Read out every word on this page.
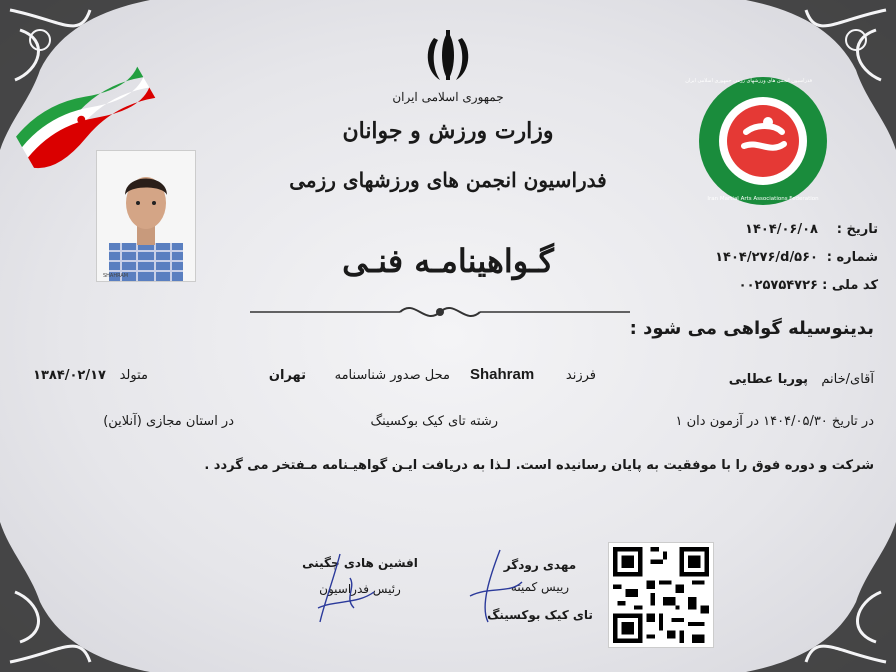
جمهوری اسلامی ایران
وزارت ورزش و جوانان
فدراسیون انجمن های ورزشهای رزمی
گـواهینامـه فنـی
SHAHRAM
فدراسیون انجمن های ورزشهای رزمی جمهوری اسلامی ایران
Iran Martial Arts Associations Federation
تاریخ :
۱۴۰۴/۰۶/۰۸
شماره :
۱۴۰۴/۲۷۶/d/۵۶۰
کد ملی :
۰۰۲۵۷۵۴۷۲۶
بدینوسیله گواهی می شود :
آقای/خانم
پوریا عطایی
فرزند
Shahram
محل صدور شناسنامه
تهران
متولد
۱۳۸۴/۰۲/۱۷
در تاریخ ۱۴۰۴/۰۵/۳۰ در آزمون دان ۱
رشته تای کیک بوکسینگ
در استان مجازی (آنلاین)
شرکت و دوره فوق را با موفقیت به پایان رسانیده است. لـذا به دریافت ایـن گواهیـنامه مـفتخر می گردد .
مهدی رودگر
رییس کمیته
تای کیک بوکسینگ
افشین هادی چگینی
رئیس فدراسیون
